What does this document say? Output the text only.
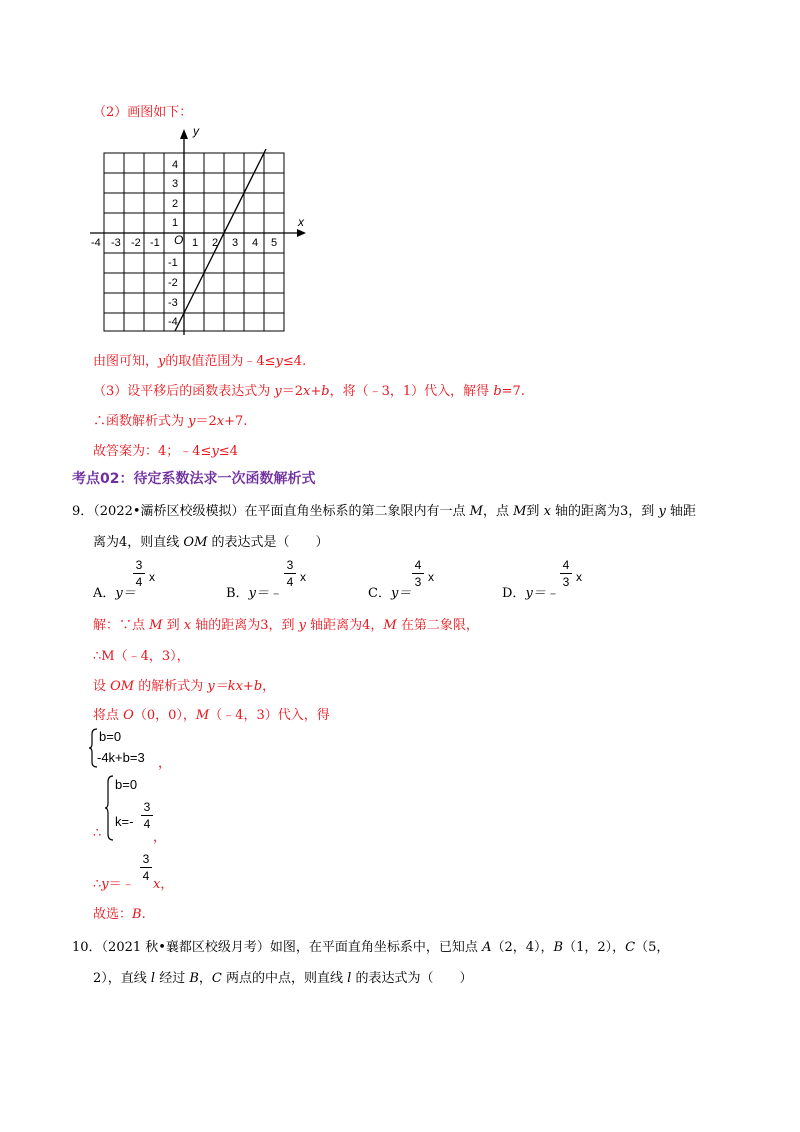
（2）画图如下：
y
x
O
-4 -3 -2 -1	1 2 3 4 5
4
3
2
1
-1
-2
-3
-4
由图可知，y的取值范围为﹣4≤y≤4.
（3）设平移后的函数表达式为 y＝2x+b，将（﹣3，1）代入，解得 b=7.
∴函数解析式为 y＝2x+7.
故答案为：4；﹣4≤y≤4
考点02：待定系数法求一次函数解析式
9．（2022•灞桥区校级模拟）在平面直角坐标系的第二象限内有一点 M，点 M到 x 轴的距离为3，到 y 轴距
离为4，则直线 OM 的表达式是（　　）
A．y＝
3
4 x
B．y＝﹣
3
4 x
C．y＝
4
3 x
D．y＝﹣
4
3 x
解：∵点 M 到 x 轴的距离为3，到 y 轴距离为4，M 在第二象限，
∴M（﹣4，3），
设 OM 的解析式为 y＝kx+b，
将点 O（0，0），M（﹣4，3）代入，得
b=0
-4k+b=3 ，
∴
b=0
k=-
3
4
，
∴y＝﹣
3
4
x，
故选：B.
10．（2021 秋•襄都区校级月考）如图，在平面直角坐标系中，已知点 A（2，4），B（1，2），C（5，
2），直线 l 经过 B，C 两点的中点，则直线 l 的表达式为（　　）
